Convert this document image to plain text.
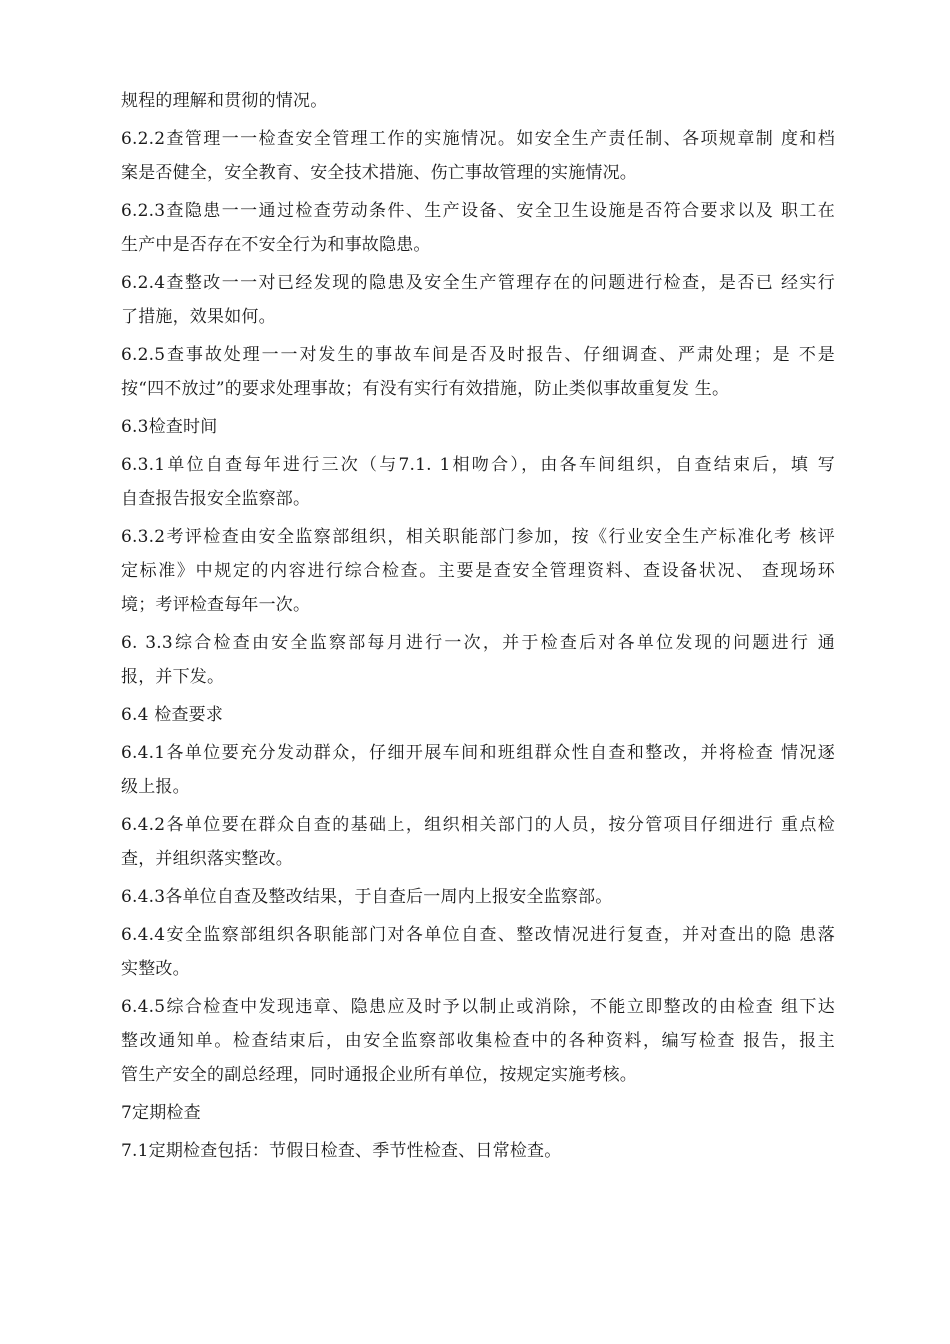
规程的理解和贯彻的情况。
6.2.2查管理一一检查安全管理工作的实施情况。如安全生产责任制、各项规章制 度和档
案是否健全，安全教育、安全技术措施、伤亡事故管理的实施情况。
6.2.3查隐患一一通过检查劳动条件、生产设备、安全卫生设施是否符合要求以及 职工在
生产中是否存在不安全行为和事故隐患。
6.2.4查整改一一对已经发现的隐患及安全生产管理存在的问题进行检查，是否已 经实行
了措施，效果如何。
6.2.5查事故处理一一对发生的事故车间是否及时报告、仔细调查、严肃处理；是 不是
按“四不放过”的要求处理事故；有没有实行有效措施，防止类似事故重复发 生。
6.3检查时间
6.3.1单位自查每年进行三次（与7.1. 1相吻合），由各车间组织，自查结束后，填 写
自查报告报安全监察部。
6.3.2考评检查由安全监察部组织，相关职能部门参加，按《行业安全生产标准化考 核评
定标准》中规定的内容进行综合检查。主要是查安全管理资料、查设备状况、 查现场环
境；考评检查每年一次。
6. 3.3综合检查由安全监察部每月进行一次，并于检查后对各单位发现的问题进行 通
报，并下发。
6.4 检查要求
6.4.1各单位要充分发动群众，仔细开展车间和班组群众性自查和整改，并将检查 情况逐
级上报。
6.4.2各单位要在群众自查的基础上，组织相关部门的人员，按分管项目仔细进行 重点检
查，并组织落实整改。
6.4.3各单位自查及整改结果，于自查后一周内上报安全监察部。
6.4.4安全监察部组织各职能部门对各单位自查、整改情况进行复查，并对查出的隐 患落
实整改。
6.4.5综合检查中发现违章、隐患应及时予以制止或消除，不能立即整改的由检查 组下达
整改通知单。检查结束后，由安全监察部收集检查中的各种资料，编写检查 报告，报主
管生产安全的副总经理，同时通报企业所有单位，按规定实施考核。
7定期检查
7.1定期检查包括：节假日检查、季节性检查、日常检查。
